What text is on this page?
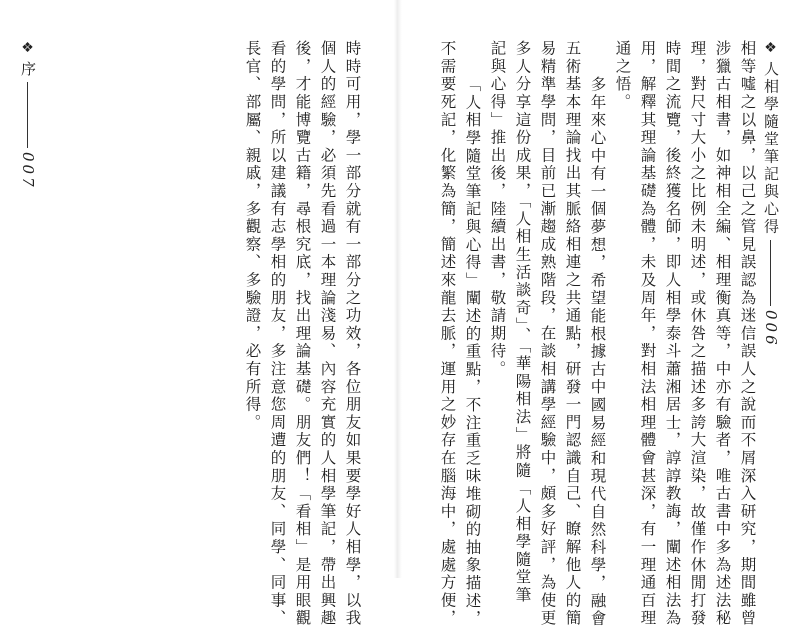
❖
人相學隨堂筆記與心得
006
相等噓之以鼻，以己之管見誤認為迷信誤人之說而不屑深入研究，期間雖曾
涉獵古相書，如神相全編、相理衡真等，中亦有驗者，唯古書中多為述法秘
理，對尺寸大小之比例未明述，或休咎之描述多誇大渲染，故僅作休閒打發
時間之流覽，後終獲名師，即人相學泰斗蕭湘居士，諄諄教誨，闡述相法為
用，解釋其理論基礎為體，未及周年，對相法相理體會甚深，有一理通百理
通之悟。
多年來心中有一個夢想，希望能根據古中國易經和現代自然科學，融會
五術基本理論找出其脈絡相連之共通點，研發一門認識自己、瞭解他人的簡
易精準學問，目前已漸趨成熟階段，在談相講學經驗中，頗多好評，為使更
多人分享這份成果，「人相生活談奇」、「華陽相法」將隨「人相學隨堂筆
記與心得」推出後，陸續出書，敬請期待。
「人相學隨堂筆記與心得」闡述的重點，不注重乏味堆砌的抽象描述，
不需要死記，化繁為簡，簡述來龍去脈，運用之妙存在腦海中，處處方便，
時時可用，學一部分就有一部分之功效，各位朋友如果要學好人相學，以我
個人的經驗，必須先看過一本理論淺易、內容充實的人相學筆記，帶出興趣
後，才能博覽古籍，尋根究底，找出理論基礎。朋友們！「看相」是用眼觀
看的學問，所以建議有志學相的朋友，多注意您周遭的朋友、同學、同事、
長官、部屬、親戚，多觀察、多驗證，必有所得。
❖
序
007
